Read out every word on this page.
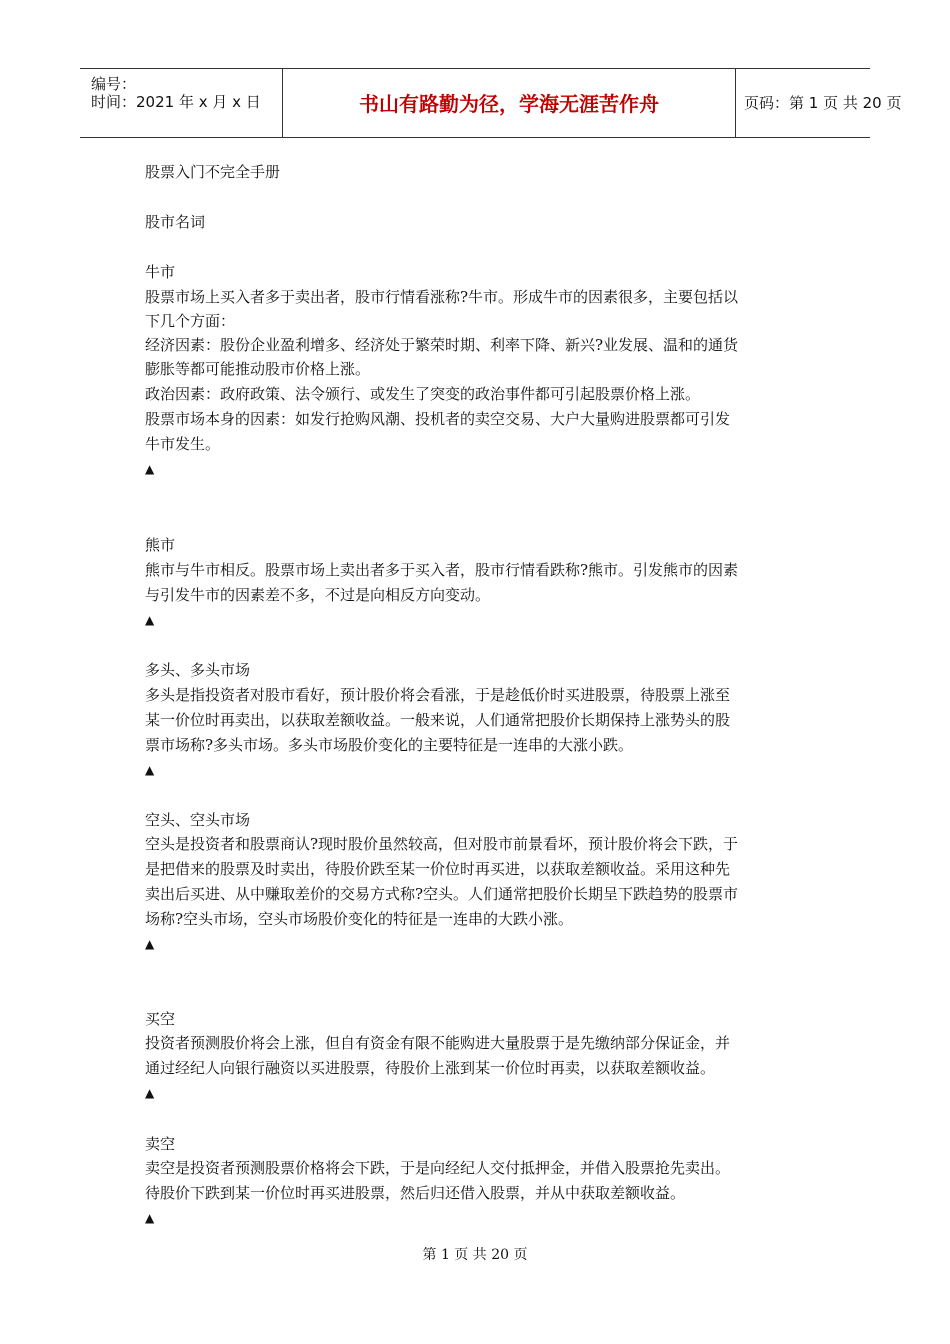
编号：
时间：2021 年 x 月 x 日	书山有路勤为径，学海无涯苦作舟	页码：第 1 页 共 20 页
股票入门不完全手册
股市名词
牛市
股票市场上买入者多于卖出者，股市行情看涨称?牛市。形成牛市的因素很多，主要包括以
下几个方面：
经济因素：股份企业盈利增多、经济处于繁荣时期、利率下降、新兴?业发展、温和的通货
膨胀等都可能推动股市价格上涨。
政治因素：政府政策、法令颁行、或发生了突变的政治事件都可引起股票价格上涨。
股票市场本身的因素：如发行抢购风潮、投机者的卖空交易、大户大量购进股票都可引发
牛市发生。
▲
熊市
熊市与牛市相反。股票市场上卖出者多于买入者，股市行情看跌称?熊市。引发熊市的因素
与引发牛市的因素差不多，不过是向相反方向变动。
▲
多头、多头市场
多头是指投资者对股市看好，预计股价将会看涨，于是趁低价时买进股票，待股票上涨至
某一价位时再卖出，以获取差额收益。一般来说，人们通常把股价长期保持上涨势头的股
票市场称?多头市场。多头市场股价变化的主要特征是一连串的大涨小跌。
▲
空头、空头市场
空头是投资者和股票商认?现时股价虽然较高，但对股市前景看坏，预计股价将会下跌，于
是把借来的股票及时卖出，待股价跌至某一价位时再买进，以获取差额收益。采用这种先
卖出后买进、从中赚取差价的交易方式称?空头。人们通常把股价长期呈下跌趋势的股票市
场称?空头市场，空头市场股价变化的特征是一连串的大跌小涨。
▲
买空
投资者预测股价将会上涨，但自有资金有限不能购进大量股票于是先缴纳部分保证金，并
通过经纪人向银行融资以买进股票，待股价上涨到某一价位时再卖，以获取差额收益。
▲
卖空
卖空是投资者预测股票价格将会下跌，于是向经纪人交付抵押金，并借入股票抢先卖出。
待股价下跌到某一价位时再买进股票，然后归还借入股票，并从中获取差额收益。
▲
第 1 页 共 20 页
